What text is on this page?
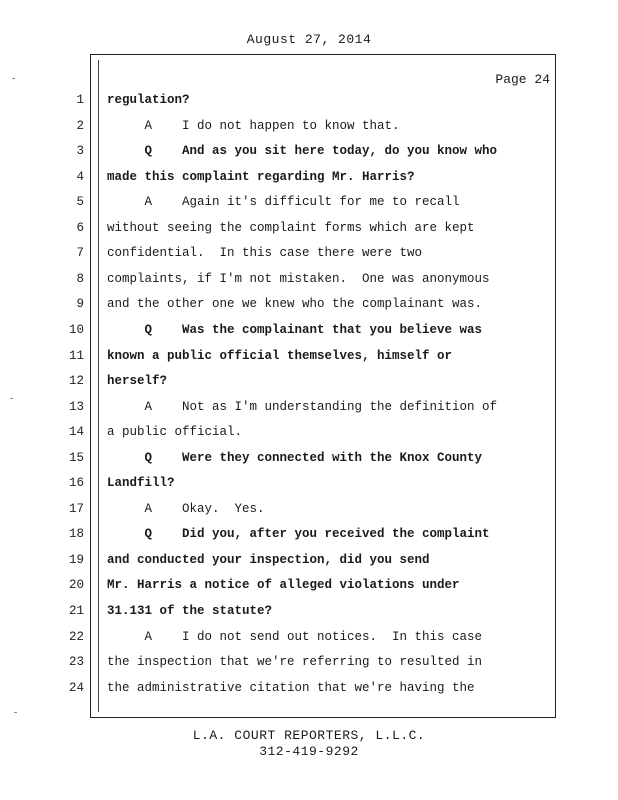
August 27, 2014
Page 24
1 regulation?
2 A    I do not happen to know that.
3 Q    And as you sit here today, do you know who
4 made this complaint regarding Mr. Harris?
5 A    Again it's difficult for me to recall
6 without seeing the complaint forms which are kept
7 confidential.  In this case there were two
8 complaints, if I'm not mistaken.  One was anonymous
9 and the other one we knew who the complainant was.
10 Q    Was the complainant that you believe was
11 known a public official themselves, himself or
12 herself?
13 A    Not as I'm understanding the definition of
14 a public official.
15 Q    Were they connected with the Knox County
16 Landfill?
17 A    Okay.  Yes.
18 Q    Did you, after you received the complaint
19 and conducted your inspection, did you send
20 Mr. Harris a notice of alleged violations under
21 31.131 of the statute?
22 A    I do not send out notices.  In this case
23 the inspection that we're referring to resulted in
24 the administrative citation that we're having the
L.A. COURT REPORTERS, L.L.C.
312-419-9292
